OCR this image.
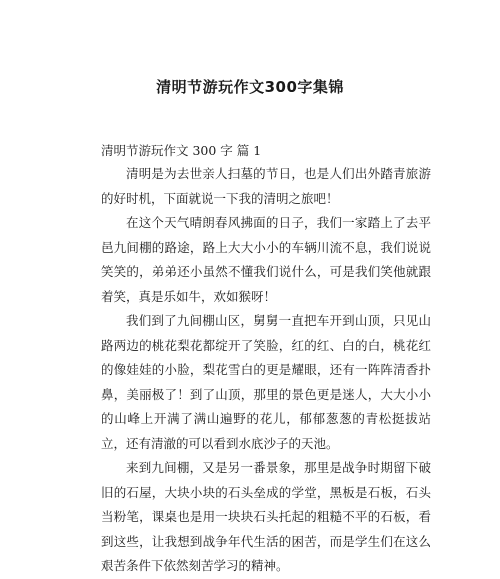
清明节游玩作文300字集锦
清明节游玩作文 300 字 篇 1

清明是为去世亲人扫墓的节日，也是人们出外踏青旅游的好时机，下面就说一下我的清明之旅吧！

在这个天气晴朗春风拂面的日子，我们一家踏上了去平邑九间棚的路途，路上大大小小的车辆川流不息，我们说说笑笑的，弟弟还小虽然不懂我们说什么，可是我们笑他就跟着笑，真是乐如牛，欢如猴呀！

我们到了九间棚山区，舅舅一直把车开到山顶，只见山路两边的桃花梨花都绽开了笑脸，红的红、白的白，桃花红的像娃娃的小脸，梨花雪白的更是耀眼，还有一阵阵清香扑鼻，美丽极了！到了山顶，那里的景色更是迷人，大大小小的山峰上开满了满山遍野的花儿，郁郁葱葱的青松挺拔站立，还有清澈的可以看到水底沙子的天池。

来到九间棚，又是另一番景象，那里是战争时期留下破旧的石屋，大块小块的石头垒成的学堂，黑板是石板，石头当粉笔，课桌也是用一块块石头托起的粗糙不平的石板，看到这些，让我想到战争年代生活的困苦，而是学生们在这么艰苦条件下依然刻苦学习的精神。
